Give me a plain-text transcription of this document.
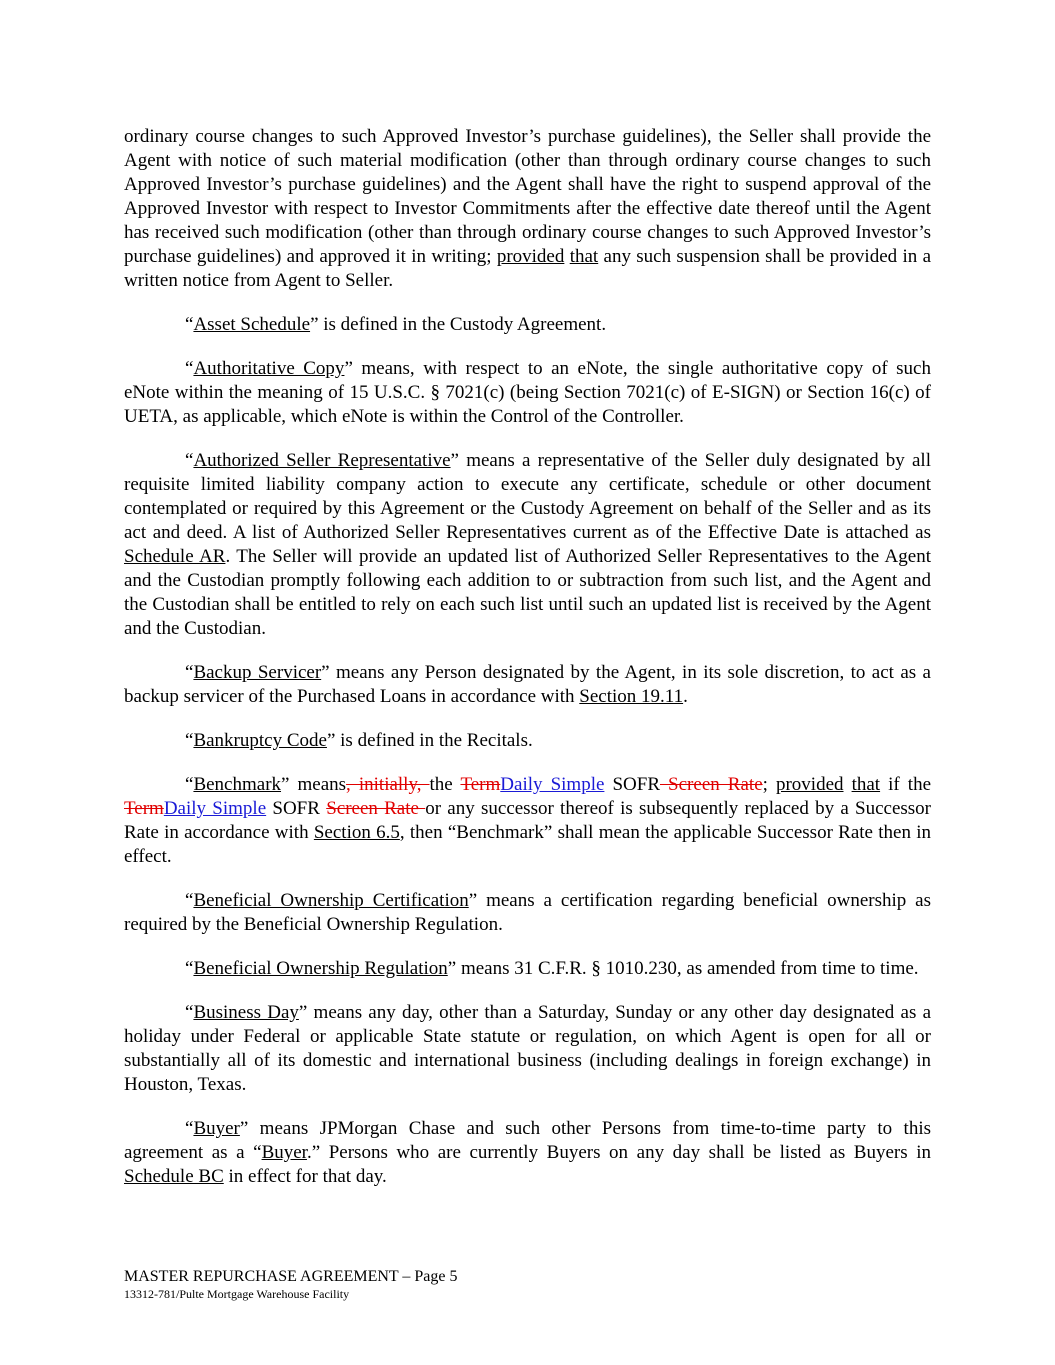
ordinary course changes to such Approved Investor’s purchase guidelines), the Seller shall provide the Agent with notice of such material modification (other than through ordinary course changes to such Approved Investor’s purchase guidelines) and the Agent shall have the right to suspend approval of the Approved Investor with respect to Investor Commitments after the effective date thereof until the Agent has received such modification (other than through ordinary course changes to such Approved Investor’s purchase guidelines) and approved it in writing; provided that any such suspension shall be provided in a written notice from Agent to Seller.

“Asset Schedule” is defined in the Custody Agreement.

“Authoritative Copy” means, with respect to an eNote, the single authoritative copy of such eNote within the meaning of 15 U.S.C. § 7021(c) (being Section 7021(c) of E-SIGN) or Section 16(c) of UETA, as applicable, which eNote is within the Control of the Controller.

“Authorized Seller Representative” means a representative of the Seller duly designated by all requisite limited liability company action to execute any certificate, schedule or other document contemplated or required by this Agreement or the Custody Agreement on behalf of the Seller and as its act and deed. A list of Authorized Seller Representatives current as of the Effective Date is attached as Schedule AR. The Seller will provide an updated list of Authorized Seller Representatives to the Agent and the Custodian promptly following each addition to or subtraction from such list, and the Agent and the Custodian shall be entitled to rely on each such list until such an updated list is received by the Agent and the Custodian.

“Backup Servicer” means any Person designated by the Agent, in its sole discretion, to act as a backup servicer of the Purchased Loans in accordance with Section 19.11.

“Bankruptcy Code” is defined in the Recitals.

“Benchmark” means, initially, the TermDaily Simple SOFR Screen Rate; provided that if the TermDaily Simple SOFR Screen Rate or any successor thereof is subsequently replaced by a Successor Rate in accordance with Section 6.5, then “Benchmark” shall mean the applicable Successor Rate then in effect.

“Beneficial Ownership Certification” means a certification regarding beneficial ownership as required by the Beneficial Ownership Regulation.

“Beneficial Ownership Regulation” means 31 C.F.R. § 1010.230, as amended from time to time.

“Business Day” means any day, other than a Saturday, Sunday or any other day designated as a holiday under Federal or applicable State statute or regulation, on which Agent is open for all or substantially all of its domestic and international business (including dealings in foreign exchange) in Houston, Texas.

“Buyer” means JPMorgan Chase and such other Persons from time-to-time party to this agreement as a “Buyer.” Persons who are currently Buyers on any day shall be listed as Buyers in Schedule BC in effect for that day.

MASTER REPURCHASE AGREEMENT – Page 5
13312-781/Pulte Mortgage Warehouse Facility
